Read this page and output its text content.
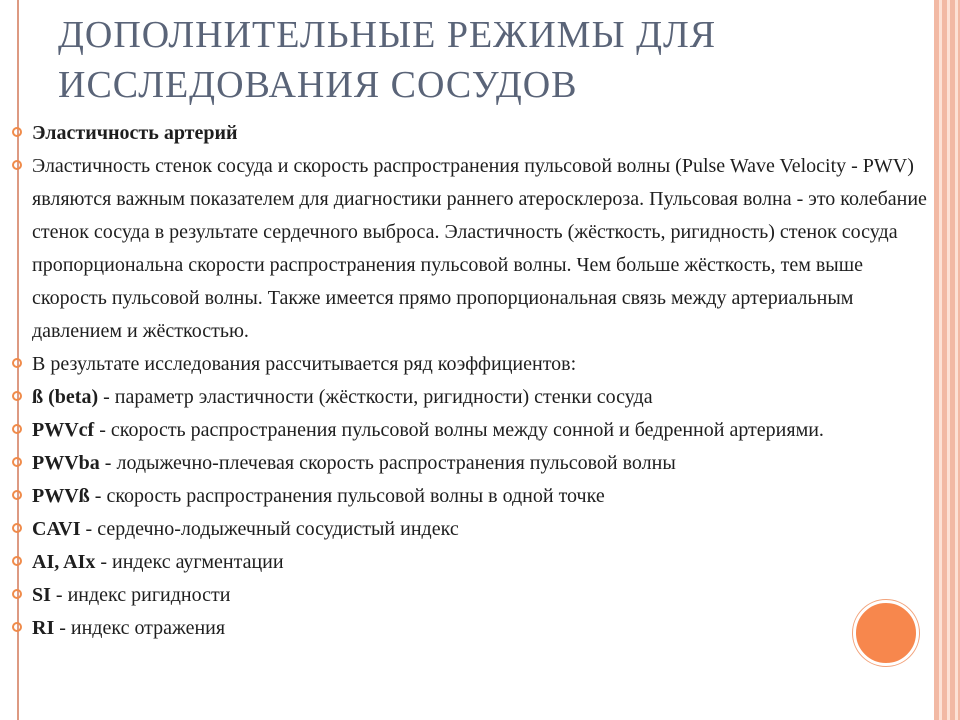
ДОПОЛНИТЕЛЬНЫЕ РЕЖИМЫ ДЛЯ
ИССЛЕДОВАНИЯ СОСУДОВ
Эластичность артерий
Эластичность стенок сосуда и скорость распространения пульсовой волны (Pulse Wave Velocity - PWV) являются важным показателем для диагностики раннего атеросклероза. Пульсовая волна - это колебание стенок сосуда в результате сердечного выброса. Эластичность (жёсткость, ригидность) стенок сосуда пропорциональна скорости распространения пульсовой волны. Чем больше жёсткость, тем выше скорость пульсовой волны. Также имеется прямо пропорциональная связь между артериальным давлением и жёсткостью.
В результате исследования рассчитывается ряд коэффициентов:
ß (beta) - параметр эластичности (жёсткости, ригидности) стенки сосуда
PWVcf - скорость распространения пульсовой волны между сонной и бедренной артериями.
PWVba - лодыжечно-плечевая скорость распространения пульсовой волны
PWVß - скорость распространения пульсовой волны в одной точке
CAVI - сердечно-лодыжечный сосудистый индекс
AI, AIx - индекс аугментации
SI - индекс ригидности
RI - индекс отражения
